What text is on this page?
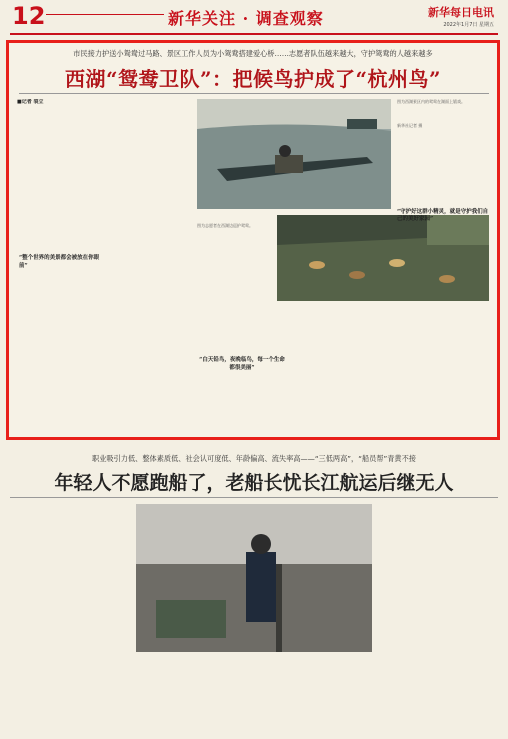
12	新华关注 · 调查观察	新华每日电讯
2022年1月7日 星期五
市民接力护送小鸳鸯过马路、景区工作人员为小鸳鸯搭建爱心桥……志愿者队伍越来越大，守护鸳鸯的人越来越多
西湖“鸳鸯卫队”：把候鸟护成了“杭州鸟”
■记者 裘立
“整个世界的美景都会被放在你眼前”
图为西湖景区内的鸳鸯在湖面上嬉戏。
新华社记者 摄
图为志愿者在西湖边巡护鸳鸯。
“守护好这群小精灵，就是守护我们自己的美好家园”
“白天铅鸟，夜晚临鸟，每一个生命都很美丽”
职业吸引力低、整体素质低、社会认可度低、年龄偏高、流失率高——“三低两高”，“船员帮”青黄不接
年轻人不愿跑船了，老船长忧长江航运后继无人
